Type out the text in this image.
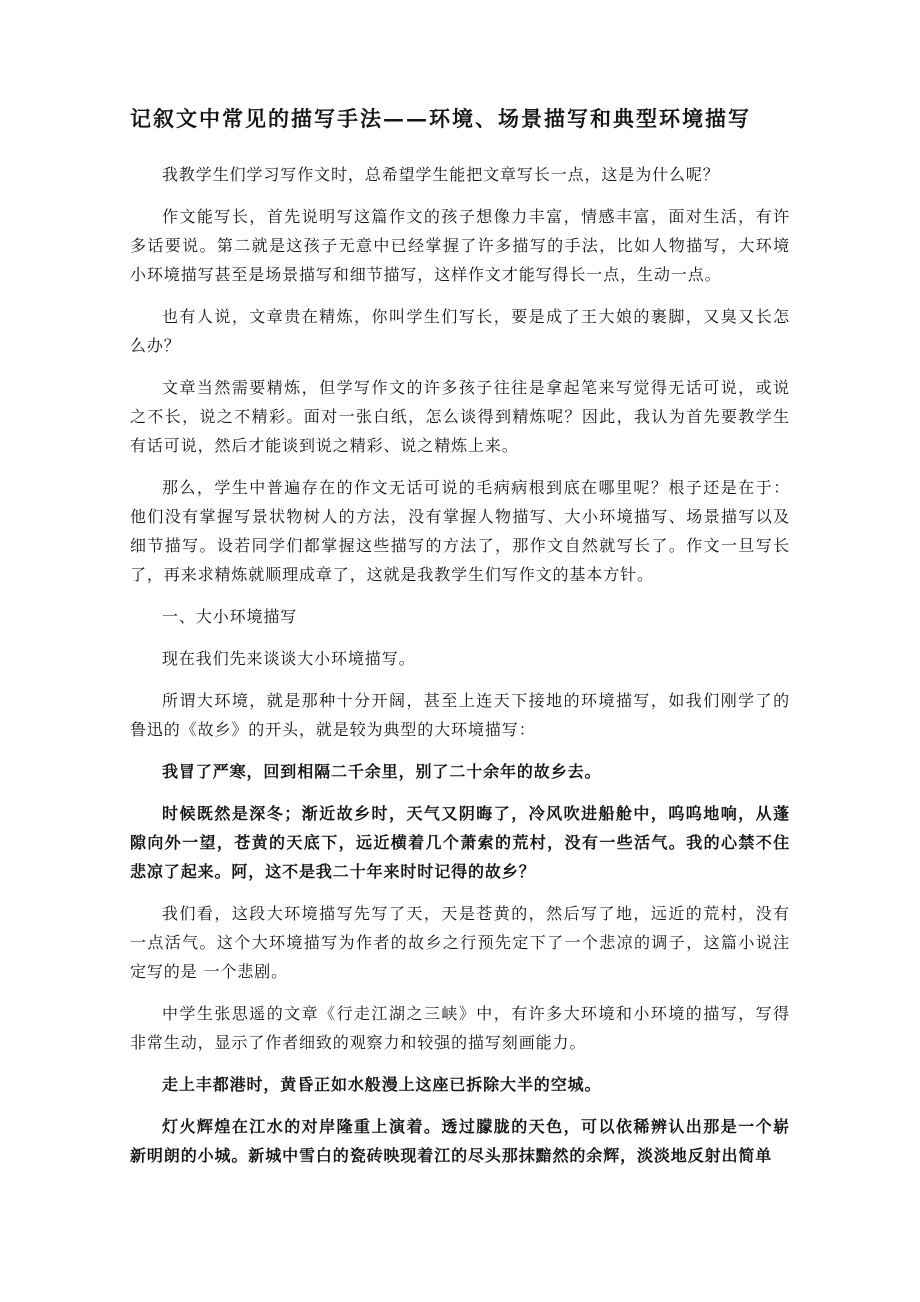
记叙文中常见的描写手法——环境、场景描写和典型环境描写

我教学生们学习写作文时，总希望学生能把文章写长一点，这是为什么呢？

作文能写长，首先说明写这篇作文的孩子想像力丰富，情感丰富，面对生活，有许 多话要说。第二就是这孩子无意中已经掌握了许多描写的手法，比如人物描写，大环境 小环境描写甚至是场景描写和细节描写，这样作文才能写得长一点，生动一点。

也有人说，文章贵在精炼，你叫学生们写长，要是成了王大娘的裹脚，又臭又长怎 么办？

文章当然需要精炼，但学写作文的许多孩子往往是拿起笔来写觉得无话可说，或说 之不长，说之不精彩。面对一张白纸，怎么谈得到精炼呢？因此，我认为首先要教学生 有话可说，然后才能谈到说之精彩、说之精炼上来。

那么，学生中普遍存在的作文无话可说的毛病病根到底在哪里呢？根子还是在于： 他们没有掌握写景状物树人的方法，没有掌握人物描写、大小环境描写、场景描写以及 细节描写。设若同学们都掌握这些描写的方法了，那作文自然就写长了。作文一旦写长 了，再来求精炼就顺理成章了，这就是我教学生们写作文的基本方针。

一、大小环境描写

现在我们先来谈谈大小环境描写。

所谓大环境，就是那种十分开阔，甚至上连天下接地的环境描写，如我们刚学了的 鲁迅的《故乡》的开头，就是较为典型的大环境描写：

我冒了严寒，回到相隔二千余里，别了二十余年的故乡去。

时候既然是深冬；渐近故乡时，天气又阴晦了，冷风吹进船舱中，呜呜地响，从蓬 隙向外一望，苍黄的天底下，远近横着几个萧索的荒村，没有一些活气。我的心禁不住 悲凉了起来。阿，这不是我二十年来时时记得的故乡？

我们看，这段大环境描写先写了天，天是苍黄的，然后写了地，远近的荒村，没有 一点活气。这个大环境描写为作者的故乡之行预先定下了一个悲凉的调子，这篇小说注 定写的是 一个悲剧。

中学生张思遥的文章《行走江湖之三峡》中，有许多大环境和小环境的描写，写得 非常生动，显示了作者细致的观察力和较强的描写刻画能力。

走上丰都港时，黄昏正如水般漫上这座已拆除大半的空城。

灯火辉煌在江水的对岸隆重上演着。透过朦胧的天色，可以依稀辨认出那是一个崭 新明朗的小城。新城中雪白的瓷砖映现着江的尽头那抹黯然的余辉，淡淡地反射出简单
